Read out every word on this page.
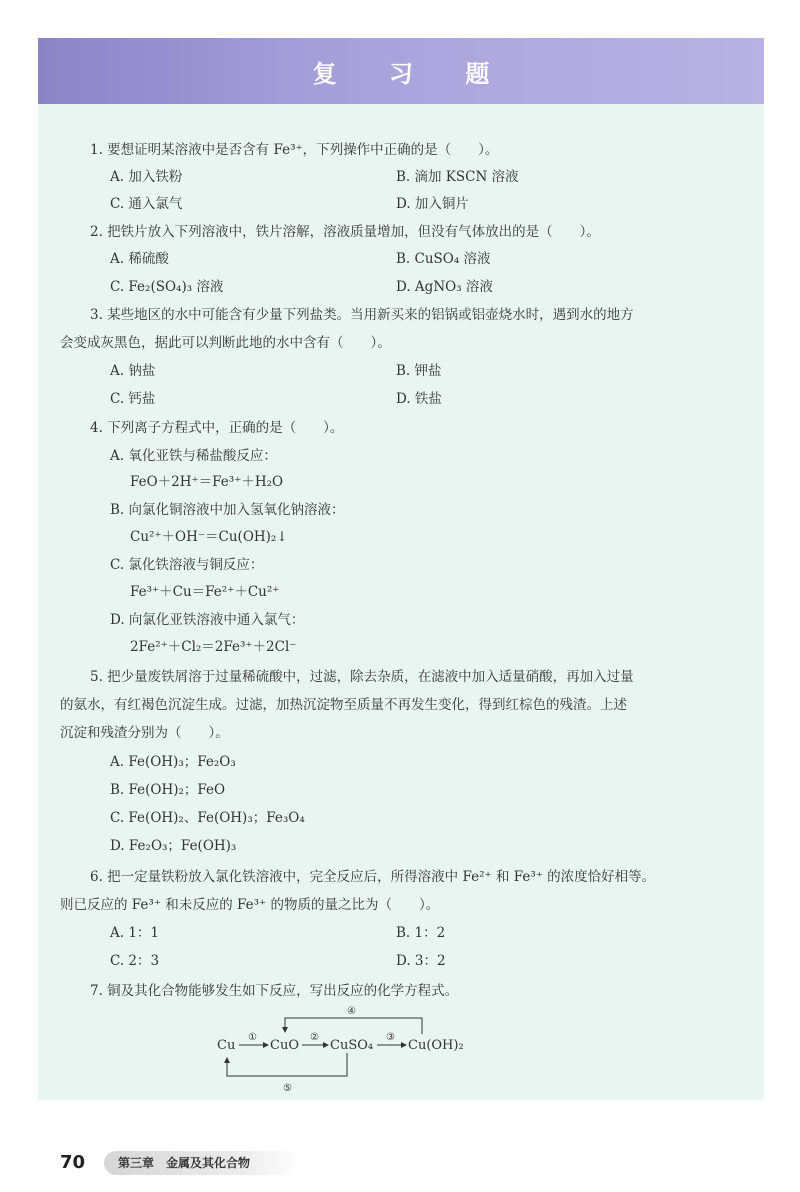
复 习 题
1. 要想证明某溶液中是否含有 Fe³⁺，下列操作中正确的是（　　）。
A. 加入铁粉	B. 滴加 KSCN 溶液
C. 通入氯气	D. 加入铜片
2. 把铁片放入下列溶液中，铁片溶解，溶液质量增加，但没有气体放出的是（　　）。
A. 稀硫酸	B. CuSO₄ 溶液
C. Fe₂(SO₄)₃ 溶液	D. AgNO₃ 溶液
3. 某些地区的水中可能含有少量下列盐类。当用新买来的铝锅或铝壶烧水时，遇到水的地方
会变成灰黑色，据此可以判断此地的水中含有（　　）。
A. 钠盐	B. 钾盐
C. 钙盐	D. 铁盐
4. 下列离子方程式中，正确的是（　　）。
A. 氧化亚铁与稀盐酸反应：
FeO＋2H⁺＝Fe³⁺＋H₂O
B. 向氯化铜溶液中加入氢氧化钠溶液：
Cu²⁺＋OH⁻＝Cu(OH)₂↓
C. 氯化铁溶液与铜反应：
Fe³⁺＋Cu＝Fe²⁺＋Cu²⁺
D. 向氯化亚铁溶液中通入氯气：
2Fe²⁺＋Cl₂＝2Fe³⁺＋2Cl⁻
5. 把少量废铁屑溶于过量稀硫酸中，过滤，除去杂质，在滤液中加入适量硝酸，再加入过量
的氨水，有红褐色沉淀生成。过滤，加热沉淀物至质量不再发生变化，得到红棕色的残渣。上述
沉淀和残渣分别为（　　）。
A. Fe(OH)₃；Fe₂O₃
B. Fe(OH)₂；FeO
C. Fe(OH)₂、Fe(OH)₃；Fe₃O₄
D. Fe₂O₃；Fe(OH)₃
6. 把一定量铁粉放入氯化铁溶液中，完全反应后，所得溶液中 Fe²⁺ 和 Fe³⁺ 的浓度恰好相等。
则已反应的 Fe³⁺ 和未反应的 Fe³⁺ 的物质的量之比为（　　）。
A. 1：1	B. 1：2
C. 2：3	D. 3：2
7. 铜及其化合物能够发生如下反应，写出反应的化学方程式。
Cu	CuO CuSO₄	Cu(OH)₂
①	②	③
④
⑤
70	第三章　金属及其化合物
